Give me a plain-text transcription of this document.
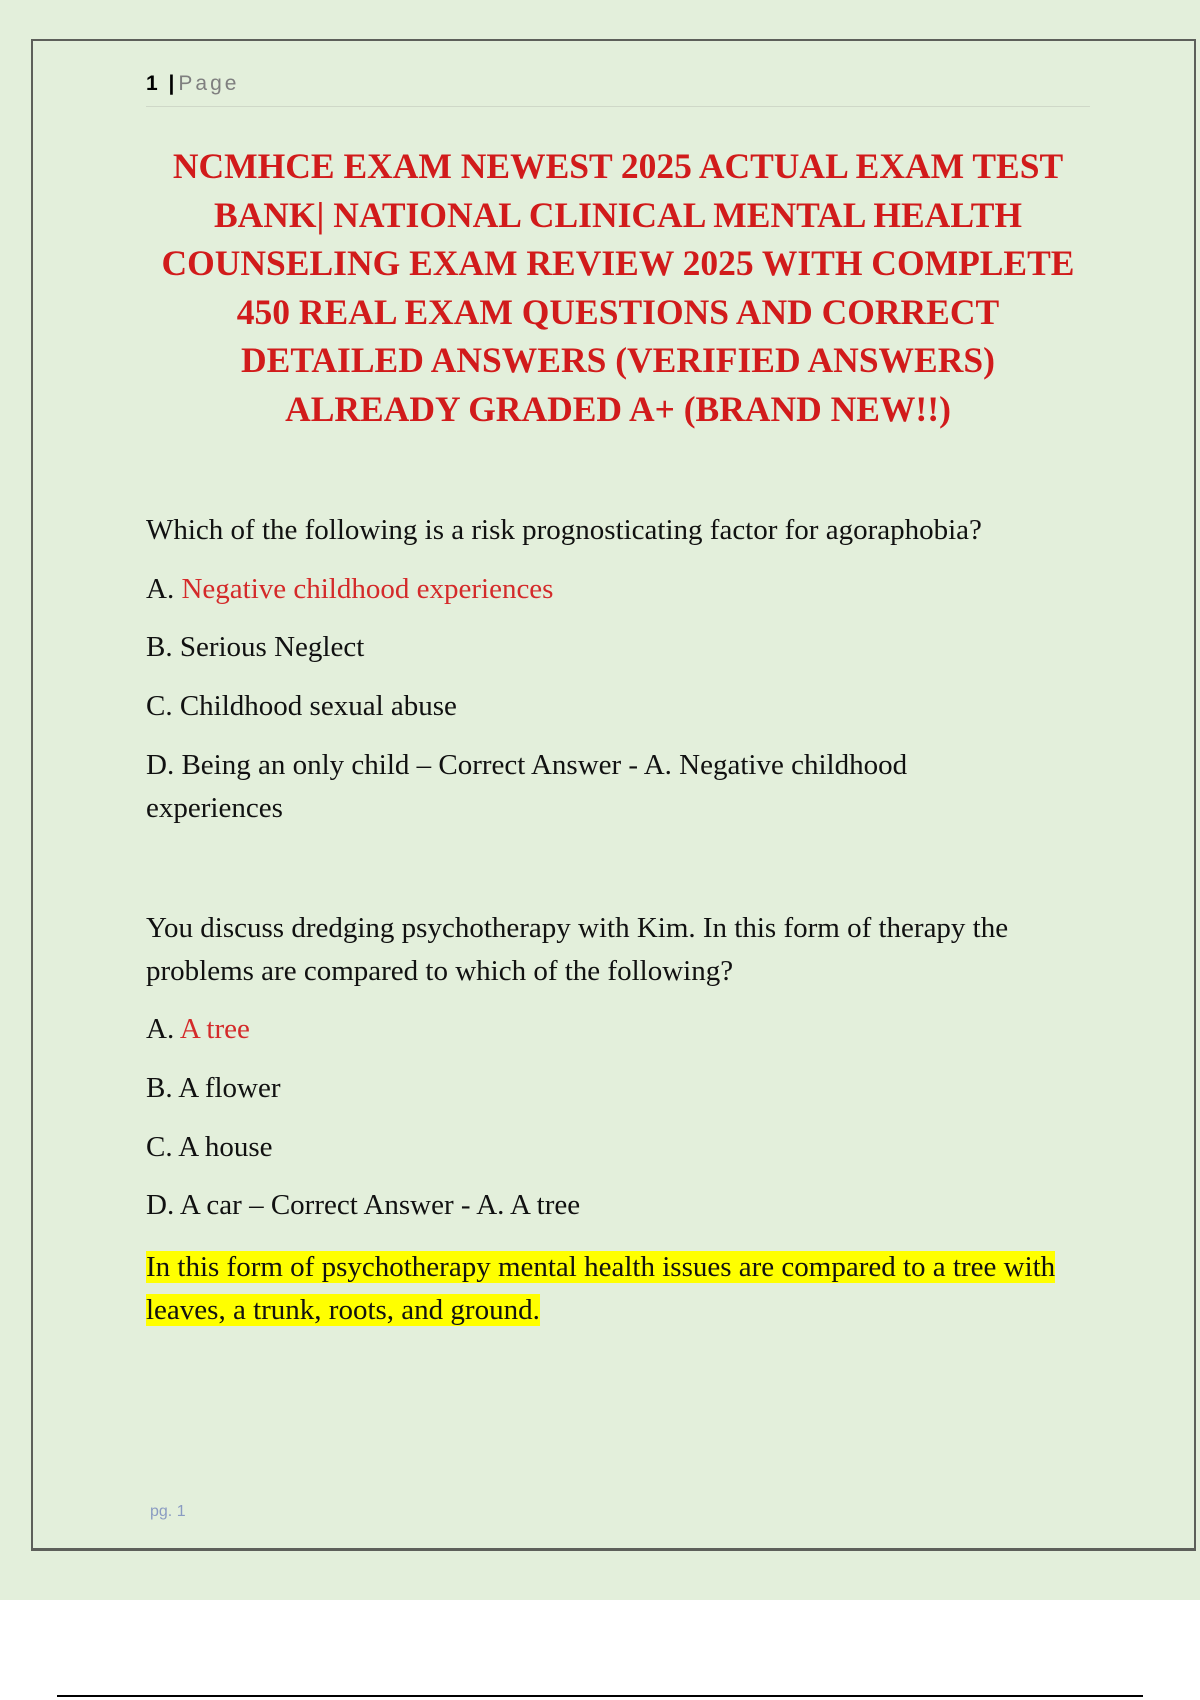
1 | Page
NCMHCE EXAM NEWEST 2025 ACTUAL EXAM TEST
BANK| NATIONAL CLINICAL MENTAL HEALTH
COUNSELING EXAM REVIEW 2025 WITH COMPLETE
450 REAL EXAM QUESTIONS AND CORRECT
DETAILED ANSWERS (VERIFIED ANSWERS)
ALREADY GRADED A+ (BRAND NEW!!)
Which of the following is a risk prognosticating factor for agoraphobia?
A. Negative childhood experiences
B. Serious Neglect
C. Childhood sexual abuse
D. Being an only child – Correct Answer - A. Negative childhood experiences
You discuss dredging psychotherapy with Kim. In this form of therapy the problems are compared to which of the following?
A. A tree
B. A flower
C. A house
D. A car – Correct Answer - A. A tree
In this form of psychotherapy mental health issues are compared to a tree with leaves, a trunk, roots, and ground.
pg. 1
